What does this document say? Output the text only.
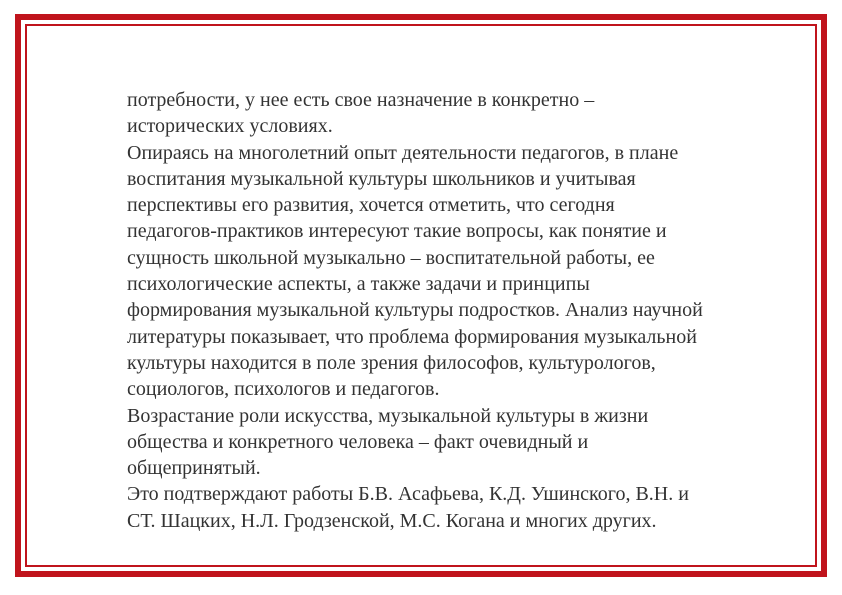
потребности, у нее есть свое назначение в конкретно –
исторических условиях.
Опираясь на многолетний опыт деятельности педагогов, в плане
воспитания музыкальной культуры школьников и учитывая
перспективы его развития, хочется отметить, что сегодня
педагогов-практиков интересуют такие вопросы, как понятие и
сущность школьной музыкально – воспитательной работы, ее
психологические аспекты, а также задачи и принципы
формирования музыкальной культуры подростков. Анализ научной
литературы показывает, что проблема формирования музыкальной
культуры находится в поле зрения философов, культурологов,
социологов, психологов и педагогов.
Возрастание роли искусства, музыкальной культуры в жизни
общества и конкретного человека – факт очевидный и
общепринятый.
Это подтверждают работы Б.В. Асафьева, К.Д. Ушинского, В.Н. и
СТ. Шацких, Н.Л. Гродзенской, М.С. Когана и многих других.
